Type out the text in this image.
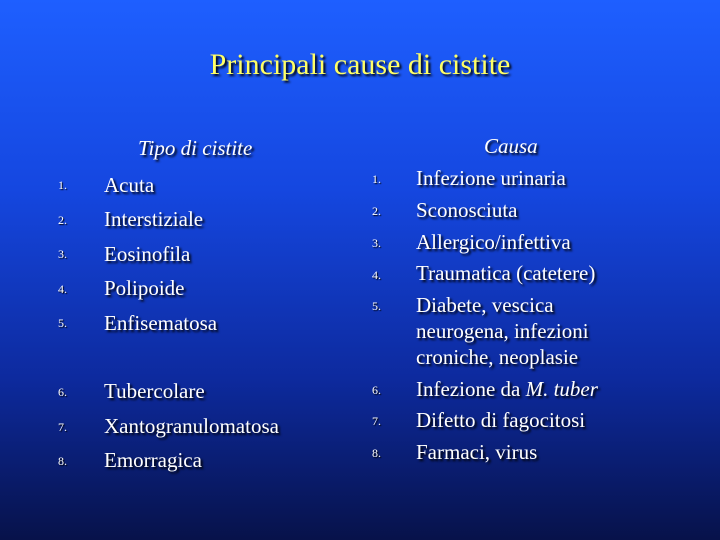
Principali cause di cistite
Tipo di cistite
1. Acuta
2. Interstiziale
3. Eosinofila
4. Polipoide
5. Enfisematosa
6. Tubercolare
7. Xantogranulomatosa
8. Emorragica
Causa
1. Infezione urinaria
2. Sconosciuta
3. Allergico/infettiva
4. Traumatica (catetere)
5. Diabete, vescica
neurogena, infezioni
croniche, neoplasie
6. Infezione da M. tuber
7. Difetto di fagocitosi
8. Farmaci, virus
